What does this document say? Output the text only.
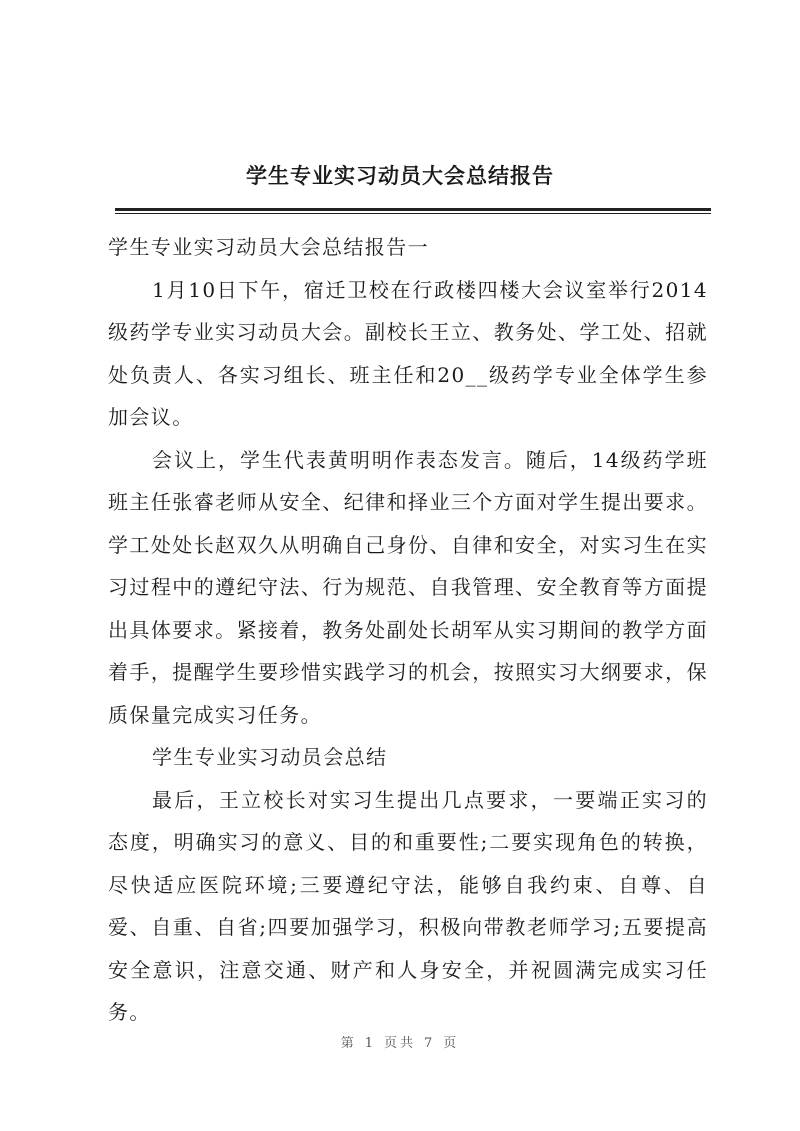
学生专业实习动员大会总结报告

学生专业实习动员大会总结报告一

1月10日下午，宿迁卫校在行政楼四楼大会议室举行2014级药学专业实习动员大会。副校长王立、教务处、学工处、招就处负责人、各实习组长、班主任和20__级药学专业全体学生参加会议。

会议上，学生代表黄明明作表态发言。随后，14级药学班班主任张睿老师从安全、纪律和择业三个方面对学生提出要求。学工处处长赵双久从明确自己身份、自律和安全，对实习生在实习过程中的遵纪守法、行为规范、自我管理、安全教育等方面提出具体要求。紧接着，教务处副处长胡军从实习期间的教学方面着手，提醒学生要珍惜实践学习的机会，按照实习大纲要求，保质保量完成实习任务。

学生专业实习动员会总结

最后，王立校长对实习生提出几点要求，一要端正实习的态度，明确实习的意义、目的和重要性;二要实现角色的转换，尽快适应医院环境;三要遵纪守法，能够自我约束、自尊、自爱、自重、自省;四要加强学习，积极向带教老师学习;五要提高安全意识，注意交通、财产和人身安全，并祝圆满完成实习任务。

第 1 页共 7 页
